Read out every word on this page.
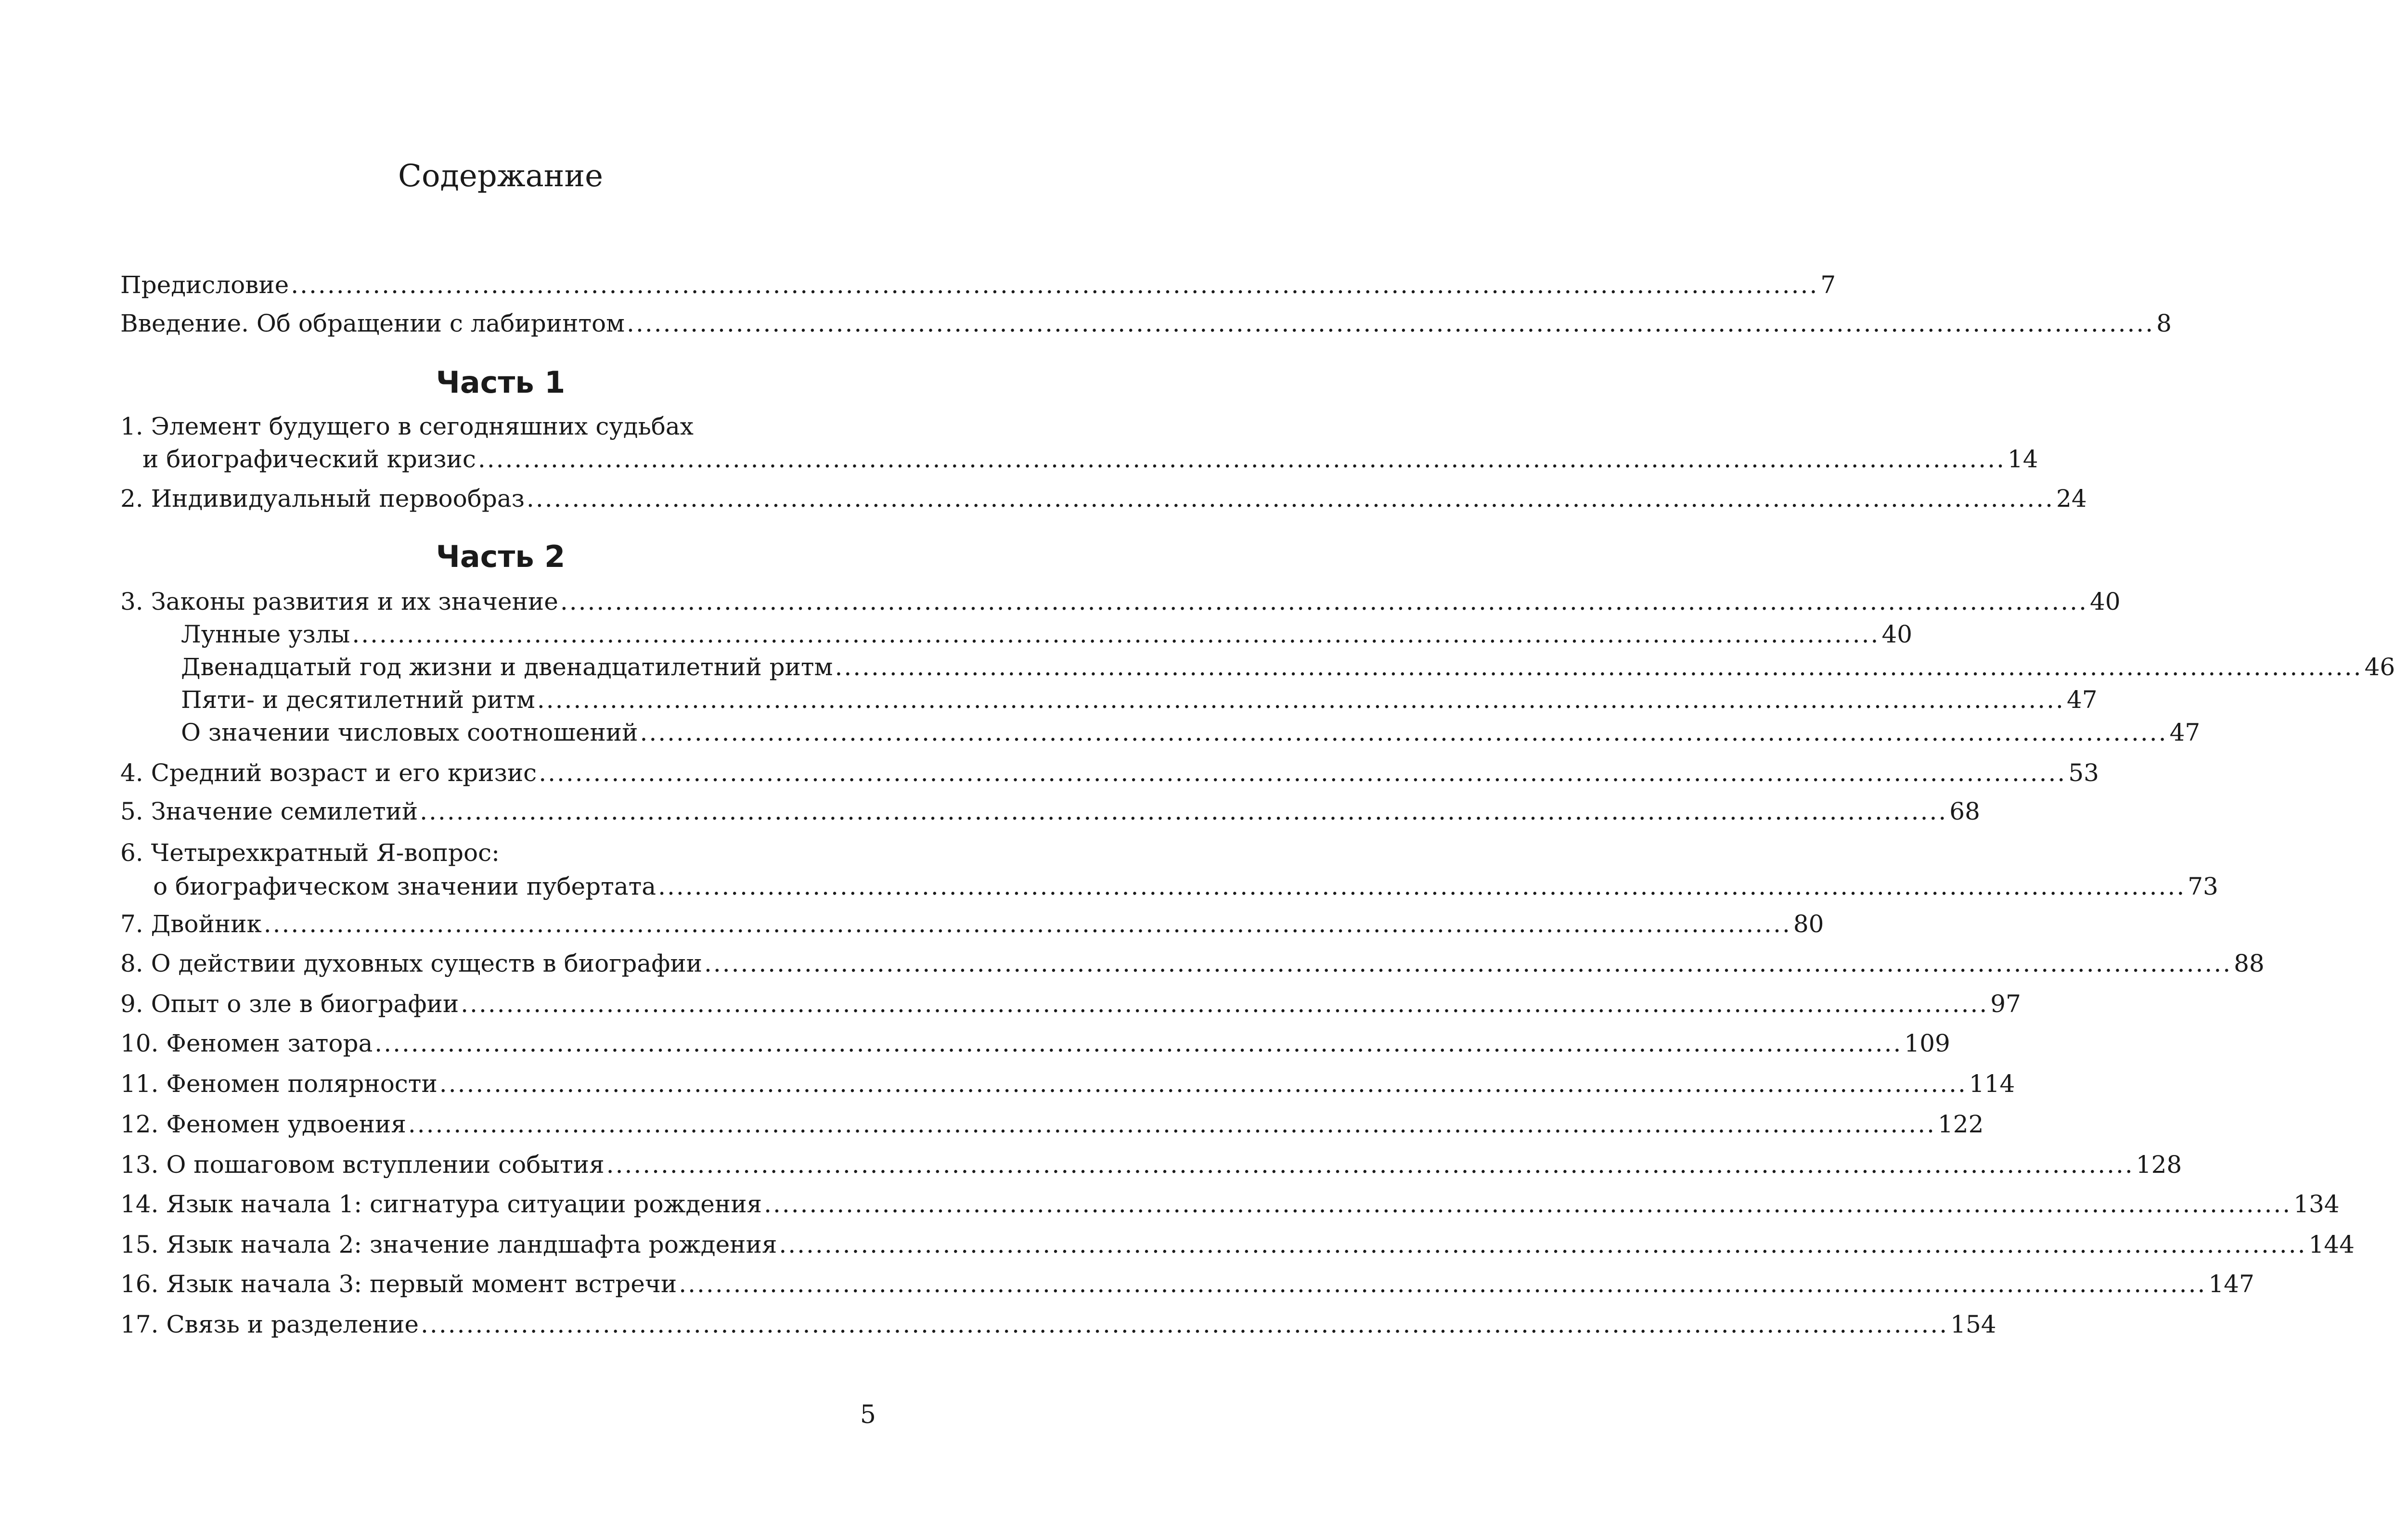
Содержание
Предисловие ........................................................................................................................................................................ 7
Введение. Об обращении с лабиринтом ........................................................................................................................................................................ 8
Часть 1
1. Элемент будущего в сегодняшних судьбах
и биографический кризис ........................................................................................................................................................................ 14
2. Индивидуальный первообраз ........................................................................................................................................................................ 24
Часть 2
3. Законы развития и их значение ........................................................................................................................................................................ 40
Лунные узлы ........................................................................................................................................................................ 40
Двенадцатый год жизни и двенадцатилетний ритм ........................................................................................................................................................................ 46
Пяти- и десятилетний ритм ........................................................................................................................................................................ 47
О значении числовых соотношений ........................................................................................................................................................................ 47
4. Средний возраст и его кризис ........................................................................................................................................................................ 53
5. Значение семилетий ........................................................................................................................................................................ 68
6. Четырехкратный Я-вопрос:
о биографическом значении пубертата ........................................................................................................................................................................ 73
7. Двойник ........................................................................................................................................................................ 80
8. О действии духовных существ в биографии ........................................................................................................................................................................ 88
9. Опыт о зле в биографии ........................................................................................................................................................................ 97
10. Феномен затора ........................................................................................................................................................................ 109
11. Феномен полярности ........................................................................................................................................................................ 114
12. Феномен удвоения ........................................................................................................................................................................ 122
13. О пошаговом вступлении события ........................................................................................................................................................................ 128
14. Язык начала 1: сигнатура ситуации рождения ........................................................................................................................................................................ 134
15. Язык начала 2: значение ландшафта рождения ........................................................................................................................................................................ 144
16. Язык начала 3: первый момент встречи ........................................................................................................................................................................ 147
17. Связь и разделение ........................................................................................................................................................................ 154
5
